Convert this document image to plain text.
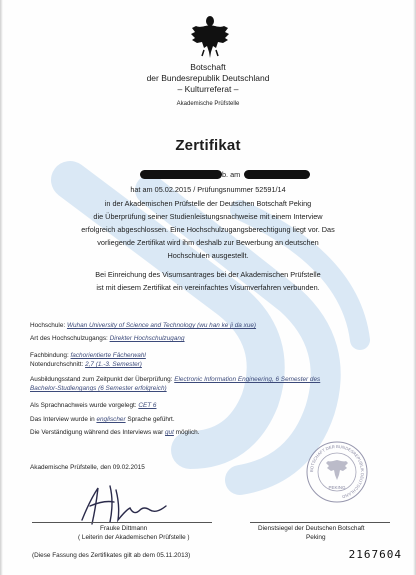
Botschaft
der Bundesrepublik Deutschland
– Kulturreferat –
Akademische Prüfstelle
Zertifikat
b. am
hat am 05.02.2015 / Prüfungsnummer 52591/14
in der Akademischen Prüfstelle der Deutschen Botschaft Peking
die Überprüfung seiner Studienleistungsnachweise mit einem Interview
erfolgreich abgeschlossen. Eine Hochschulzugangsberechtigung liegt vor. Das
vorliegende Zertifikat wird ihm deshalb zur Bewerbung an deutschen
Hochschulen ausgestellt.
Bei Einreichung des Visumsantrages bei der Akademischen Prüfstelle
ist mit diesem Zertifikat ein vereinfachtes Visumverfahren verbunden.
Hochschule: Wuhan University of Science and Technology (wu han ke ji da xue)
Art des Hochschulzugangs: Direkter Hochschulzugang
Fachbindung: fachorientierte Fächerwahl
Notendurchschnitt: 2,7 (1.-3. Semester)
Ausbildungsstand zum Zeitpunkt der Überprüfung: Electronic Information Engineering, 6 Semester des
Bachelor-Studiengangs (6 Semester erfolgreich)
Als Sprachnachweis wurde vorgelegt: CET 6
Das Interview wurde in englischer Sprache geführt.
Die Verständigung während des Interviews war gut möglich.
Akademische Prüfstelle, den 09.02.2015	BOTSCHAFT DER BUNDESREPUBLIK DEUTSCHLAND
PEKING
Frauke Dittmann
( Leiterin der Akademischen Prüfstelle )
Dienstsiegel der Deutschen Botschaft
Peking
(Diese Fassung des Zertifikates gilt ab dem 05.11.2013)	2167604
